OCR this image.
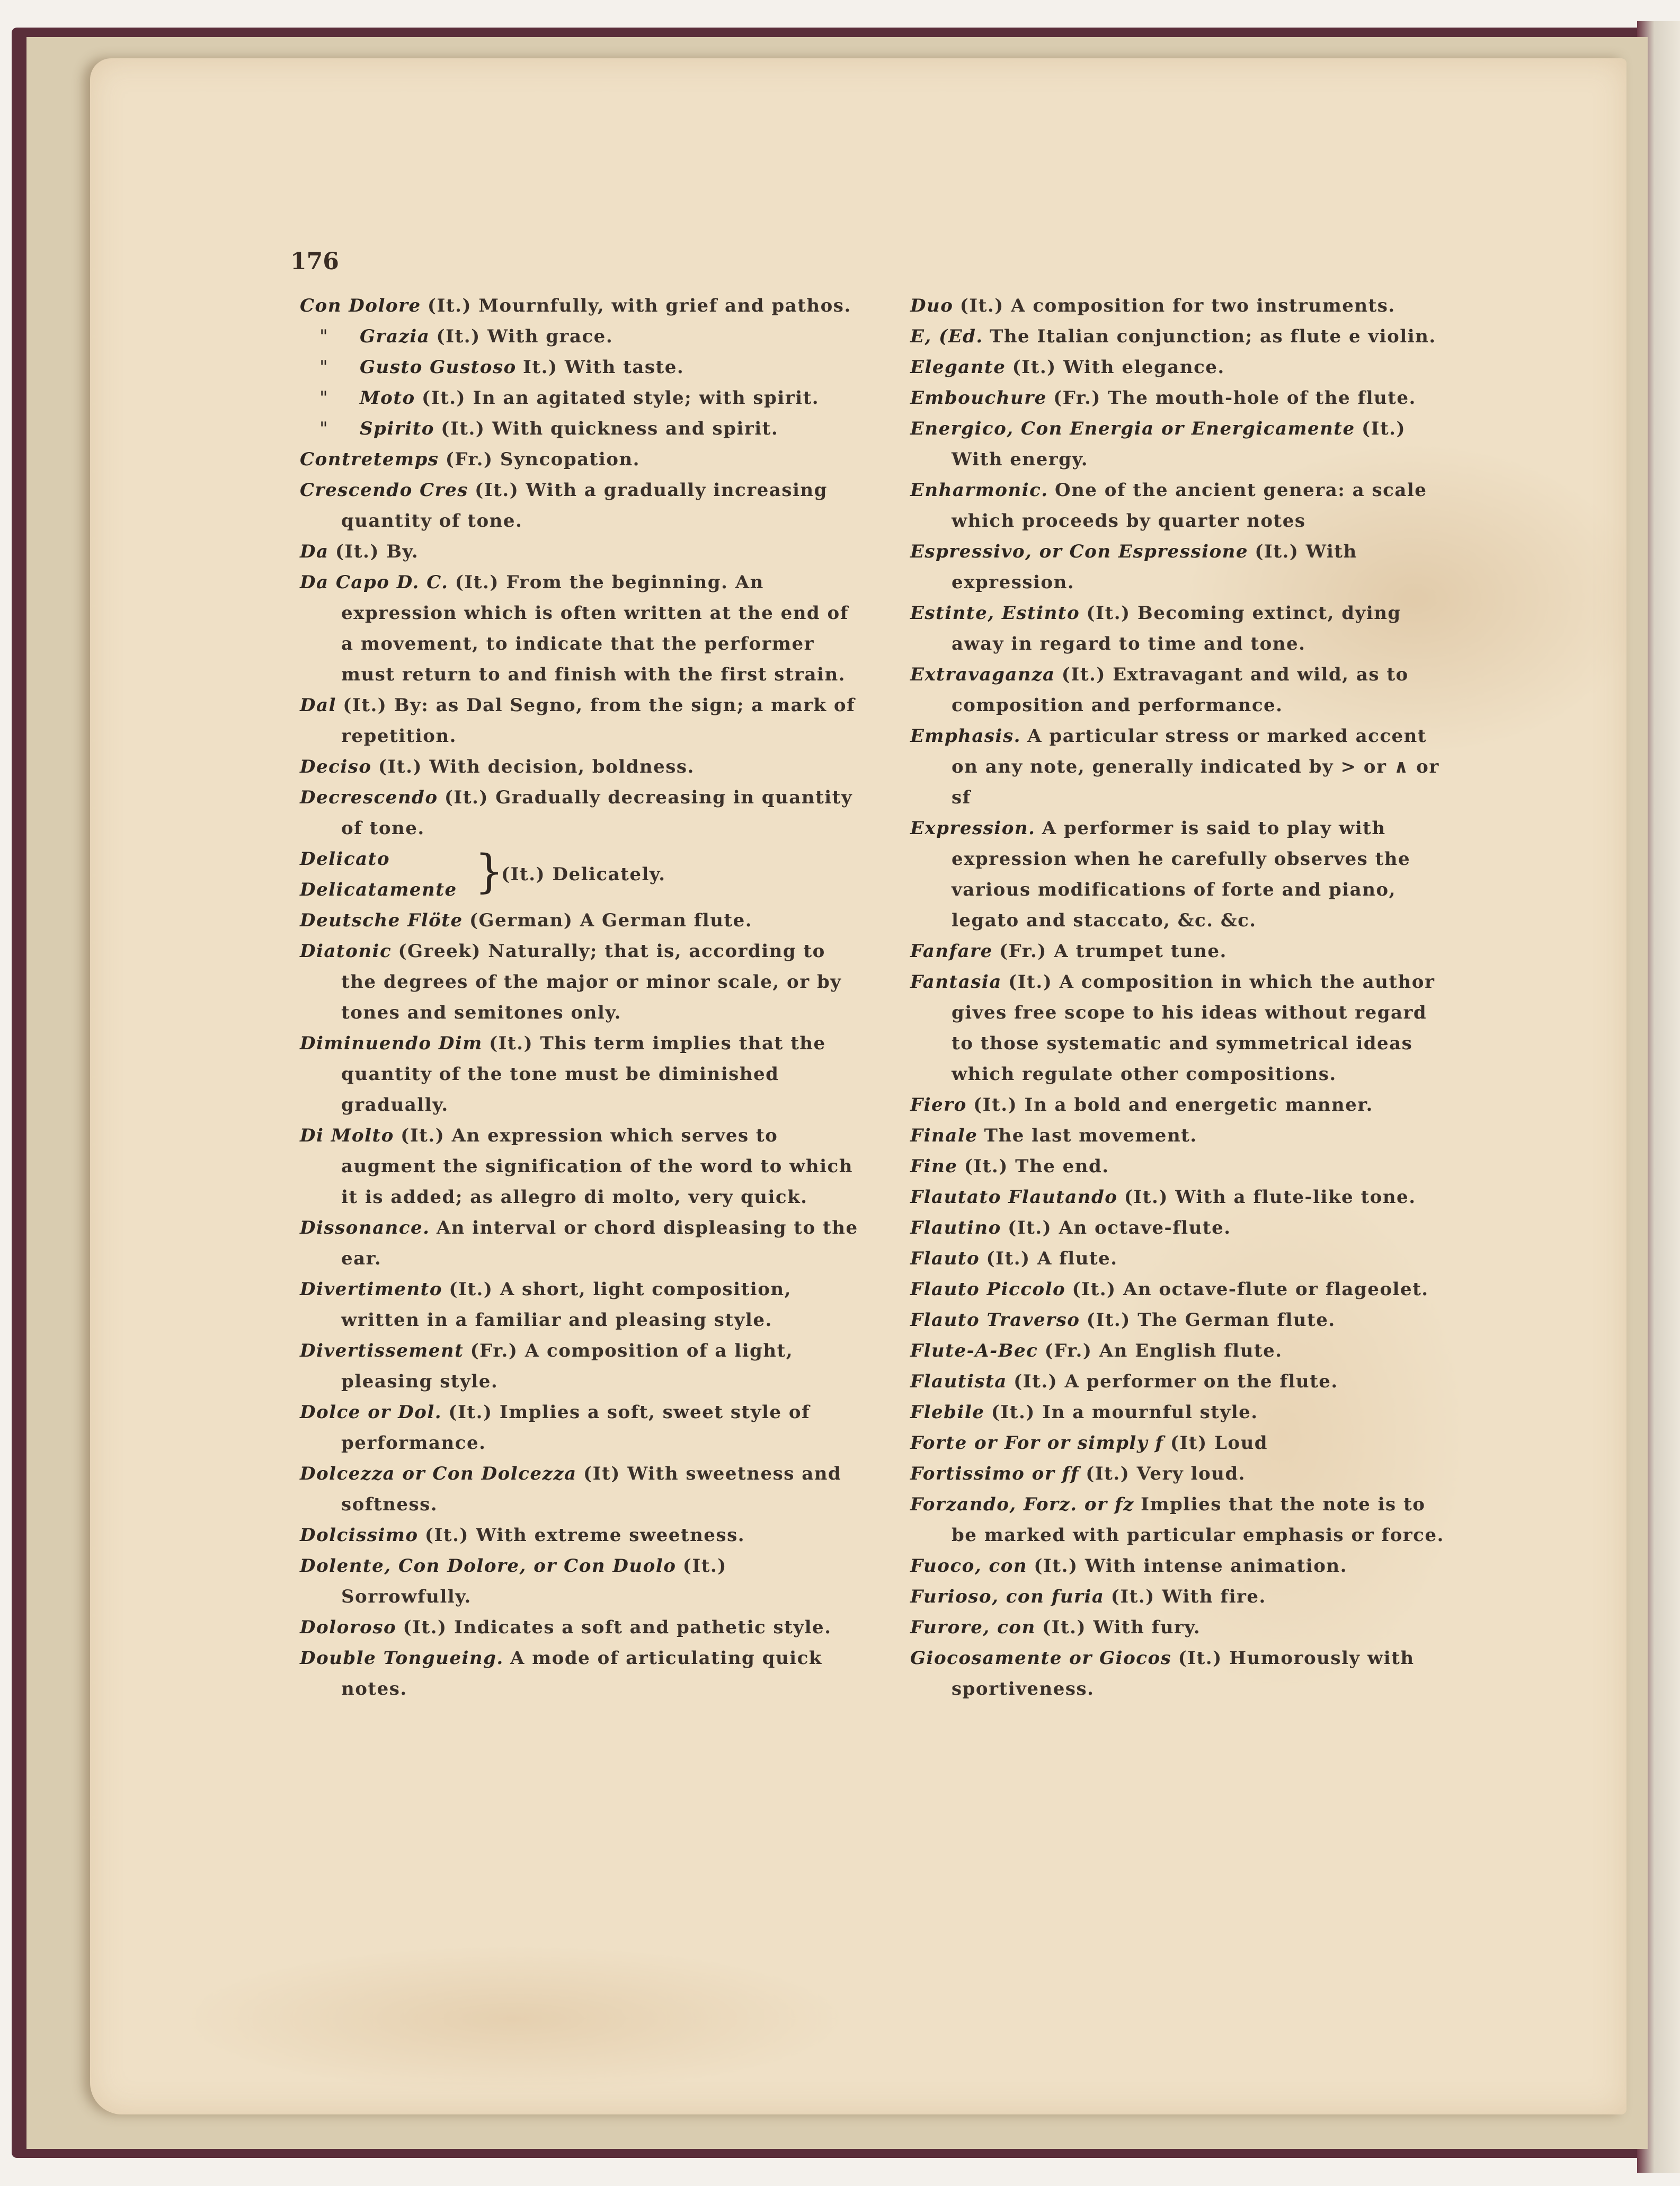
176

Con Dolore (It.) Mournfully, with grief and pathos.

" Grazia (It.) With grace.

" Gusto Gustoso It.) With taste.

" Moto (It.) In an agitated style; with spirit.

" Spirito (It.) With quickness and spirit.

Contretemps (Fr.) Syncopation.

Crescendo Cres (It.) With a gradually increasing quantity of tone.

Da (It.) By.

Da Capo D. C. (It.) From the beginning. An expression which is often written at the end of a movement, to indicate that the performer must return to and finish with the first strain.

Dal (It.) By: as Dal Segno, from the sign; a mark of repetition.

Deciso (It.) With decision, boldness.

Decrescendo (It.) Gradually decreasing in quantity of tone.

Delicato
Delicatamente }
(It.) Delicately.

Deutsche Flöte (German) A German flute.

Diatonic (Greek) Naturally; that is, according to the degrees of the major or minor scale, or by tones and semitones only.

Diminuendo Dim (It.) This term implies that the quantity of the tone must be diminished gradually.

Di Molto (It.) An expression which serves to augment the signification of the word to which it is added; as allegro di molto, very quick.

Dissonance. An interval or chord displeasing to the ear.

Divertimento (It.) A short, light composition, written in a familiar and pleasing style.

Divertissement (Fr.) A composition of a light, pleasing style.

Dolce or Dol. (It.) Implies a soft, sweet style of performance.

Dolcezza or Con Dolcezza (It) With sweetness and softness.

Dolcissimo (It.) With extreme sweetness.

Dolente, Con Dolore, or Con Duolo (It.) Sorrowfully.

Doloroso (It.) Indicates a soft and pathetic style.

Double Tongueing. A mode of articulating quick notes.

Duo (It.) A composition for two instruments.

E, (Ed. The Italian conjunction; as flute e violin.

Elegante (It.) With elegance.

Embouchure (Fr.) The mouth-hole of the flute.

Energico, Con Energia or Energicamente (It.) With energy.

Enharmonic. One of the ancient genera: a scale which proceeds by quarter notes

Espressivo, or Con Espressione (It.) With expression.

Estinte, Estinto (It.) Becoming extinct, dying away in regard to time and tone.

Extravaganza (It.) Extravagant and wild, as to composition and performance.

Emphasis. A particular stress or marked accent on any note, generally indicated by > or ∧ or sf

Expression. A performer is said to play with expression when he carefully observes the various modifications of forte and piano, legato and staccato, &c. &c.

Fanfare (Fr.) A trumpet tune.

Fantasia (It.) A composition in which the author gives free scope to his ideas without regard to those systematic and symmetrical ideas which regulate other compositions.

Fiero (It.) In a bold and energetic manner.

Finale The last movement.

Fine (It.) The end.

Flautato Flautando (It.) With a flute-like tone.

Flautino (It.) An octave-flute.

Flauto (It.) A flute.

Flauto Piccolo (It.) An octave-flute or flageolet.

Flauto Traverso (It.) The German flute.

Flute-A-Bec (Fr.) An English flute.

Flautista (It.) A performer on the flute.

Flebile (It.) In a mournful style.

Forte or For or simply f (It) Loud

Fortissimo or ff (It.) Very loud.

Forzando, Forz. or fz Implies that the note is to be marked with particular emphasis or force.

Fuoco, con (It.) With intense animation.

Furioso, con furia (It.) With fire.

Furore, con (It.) With fury.

Giocosamente or Giocos (It.) Humorously with sportiveness.
